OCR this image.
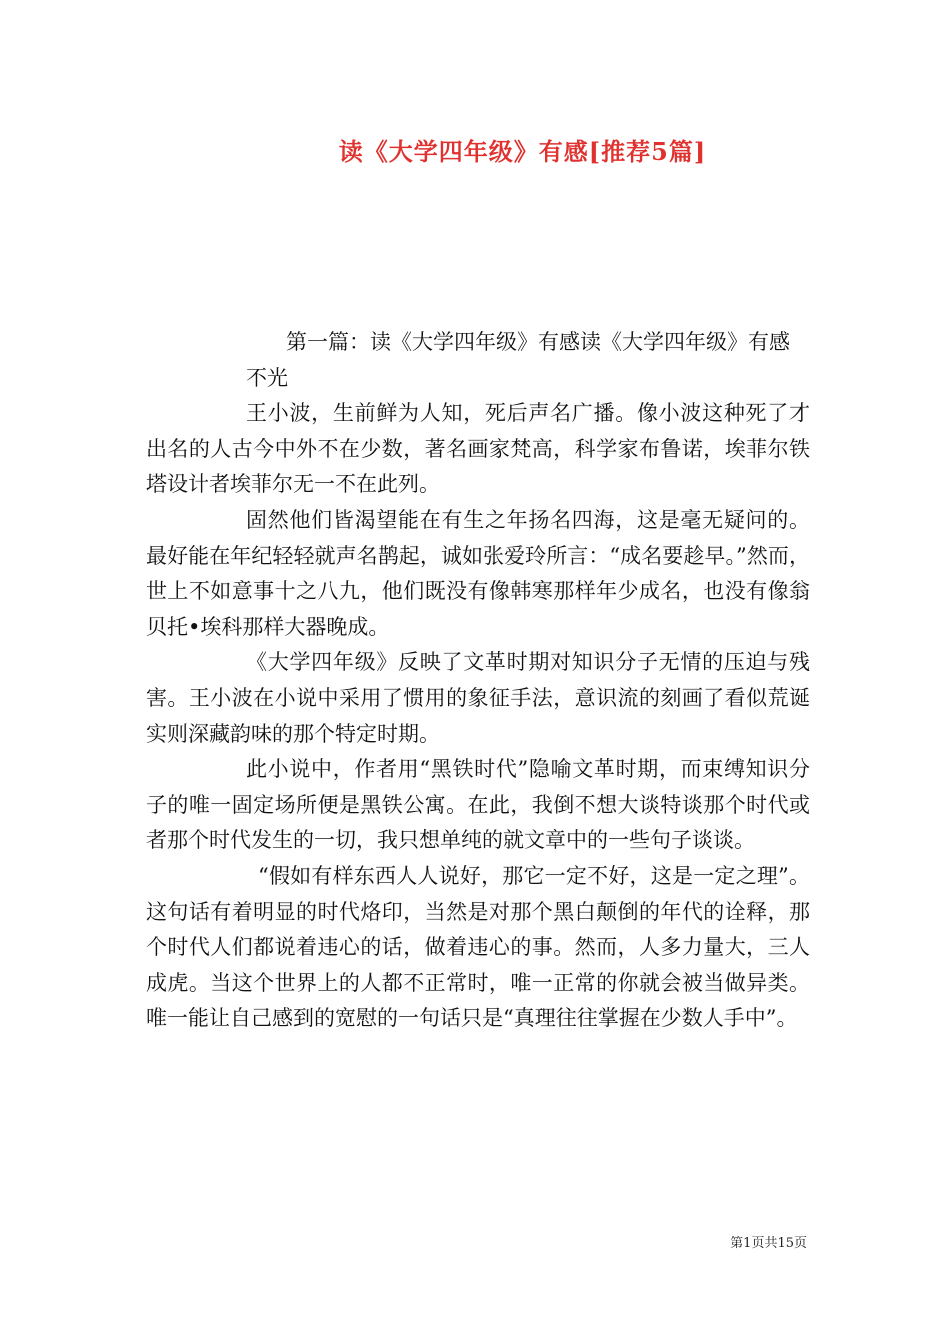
读《大学四年级》有感[推荐5篇]

第一篇：读《大学四年级》有感读《大学四年级》有感

不光

王小波，生前鲜为人知，死后声名广播。像小波这种死了才出名的人古今中外不在少数，著名画家梵高，科学家布鲁诺，埃菲尔铁塔设计者埃菲尔无一不在此列。

固然他们皆渴望能在有生之年扬名四海，这是毫无疑问的。最好能在年纪轻轻就声名鹊起，诚如张爱玲所言：“成名要趁早。”然而，世上不如意事十之八九，他们既没有像韩寒那样年少成名，也没有像翁贝托•埃科那样大器晚成。

《大学四年级》反映了文革时期对知识分子无情的压迫与残害。王小波在小说中采用了惯用的象征手法，意识流的刻画了看似荒诞实则深藏韵味的那个特定时期。

此小说中，作者用“黑铁时代”隐喻文革时期，而束缚知识分子的唯一固定场所便是黑铁公寓。在此，我倒不想大谈特谈那个时代或者那个时代发生的一切，我只想单纯的就文章中的一些句子谈谈。

“假如有样东西人人说好，那它一定不好，这是一定之理”。这句话有着明显的时代烙印，当然是对那个黑白颠倒的年代的诠释，那个时代人们都说着违心的话，做着违心的事。然而，人多力量大，三人成虎。当这个世界上的人都不正常时，唯一正常的你就会被当做异类。唯一能让自己感到的宽慰的一句话只是“真理往往掌握在少数人手中”。

第1页共15页
